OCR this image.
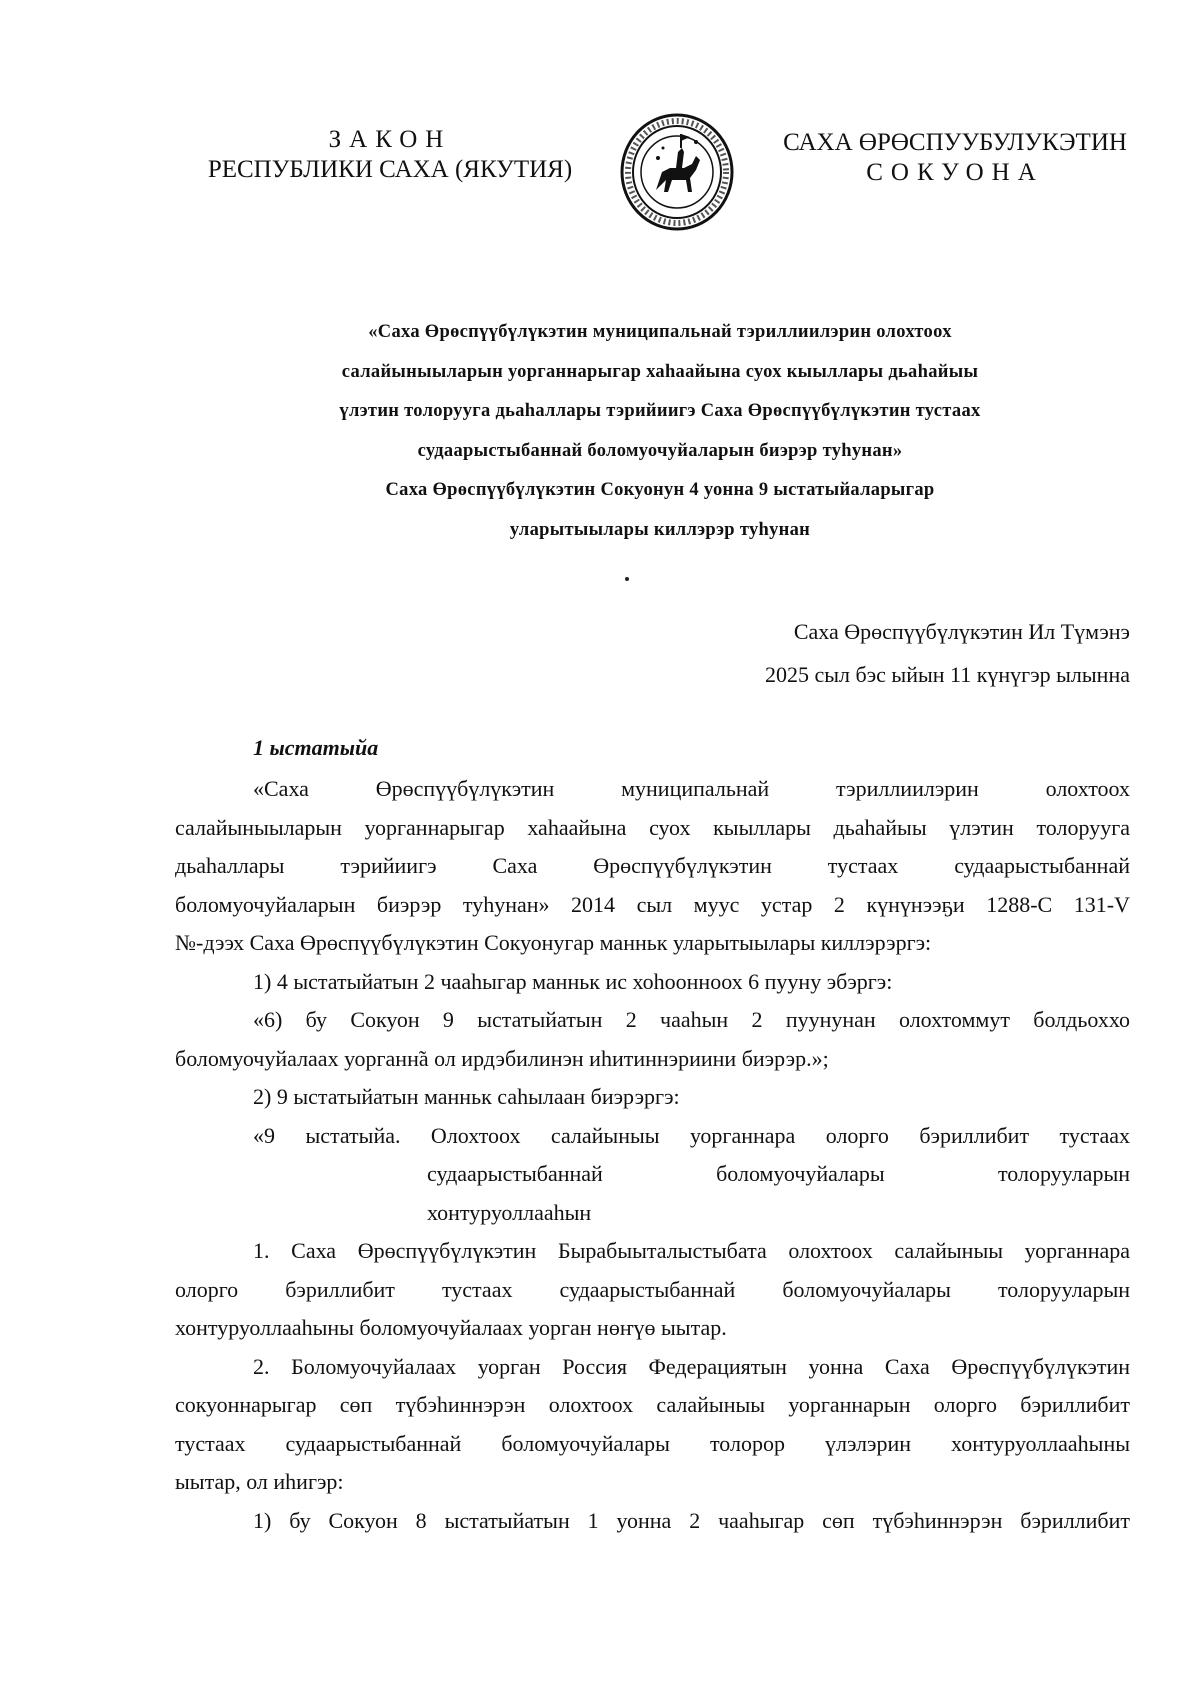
ЗАКОН
РЕСПУБЛИКИ САХА (ЯКУТИЯ)
САХА ӨРӨСПУУБУЛУКЭТИН
СОКУОНА
«Саха Өрөспүүбүлүкэтин муниципальнай тэриллиилэрин олохтоох
салайыныыларын уорганнарыгар хаһаайына суох кыыллары дьаһайыы
үлэтин толоруугa дьаһаллары тэрийиигэ Саха Өрөспүүбүлүкэтин тустаах
судаарыстыбаннай боломуочуйаларын биэрэр туһунан»
Саха Өрөспүүбүлүкэтин Сокуонун 4 уонна 9 ыстатыйаларыгар
уларытыылары киллэрэр туһунан
Саха Өрөспүүбүлүкэтин Ил Түмэнэ
2025 сыл бэс ыйын 11 күнүгэр ылынна
1 ыстатыйа
«Саха Өрөспүүбүлүкэтин муниципальнай тэриллиилэрин олохтоох
салайыныыларын уорганнарыгар хаһаайына суох кыыллары дьаһайыы үлэтин толоруугa
дьаһаллары тэрийиигэ Саха Өрөспүүбүлүкэтин тустаах судаарыстыбаннай
боломуочуйаларын биэрэр туһунан» 2014 сыл муус устар 2 күнүнээҕи 1288-С 131-V
№-дээх Саха Өрөспүүбүлүкэтин Сокуонугар манньк уларытыылары киллэрэргэ:
1) 4 ыстатыйатын 2 чааһыгар манньк ис хоһоонноох 6 пууну эбэргэ:
«6) бу Сокуон 9 ыстатыйатын 2 чааһын 2 пуунунан олохтоммут болдьоххо
боломуочуйалаах уорганн̃а ол ирдэбилинэн иһитиннэриини биэрэр.»;
2) 9 ыстатыйатын манньк саһылаан биэрэргэ:
«9 ыстатыйа. Олохтоох салайыныы уорганнара олорго бэриллибит тустаах
судаарыстыбаннай боломуочуйалары толорууларын
хонтуруоллааһын
1. Саха Өрөспүүбүлүкэтин Бырабыыталыстыбата олохтоох салайыныы уорганнара
олорго бэриллибит тустаах судаарыстыбаннай боломуочуйалары толорууларын
хонтуруоллааһыны боломуочуйалаах уорган нөҥүө ыытар.
2. Боломуочуйалаах уорган Россия Федерациятын уонна Саха Өрөспүүбүлүкэтин
сокуоннарыгар сөп түбэһиннэрэн олохтоох салайыныы уорганнарын олорго бэриллибит
тустаах судаарыстыбаннай боломуочуйалары толорор үлэлэрин хонтуруоллааһыны
ыытар, ол иһигэр:
1) бу Сокуон 8 ыстатыйатын 1 уонна 2 чааһыгар сөп түбэһиннэрэн бэриллибит
